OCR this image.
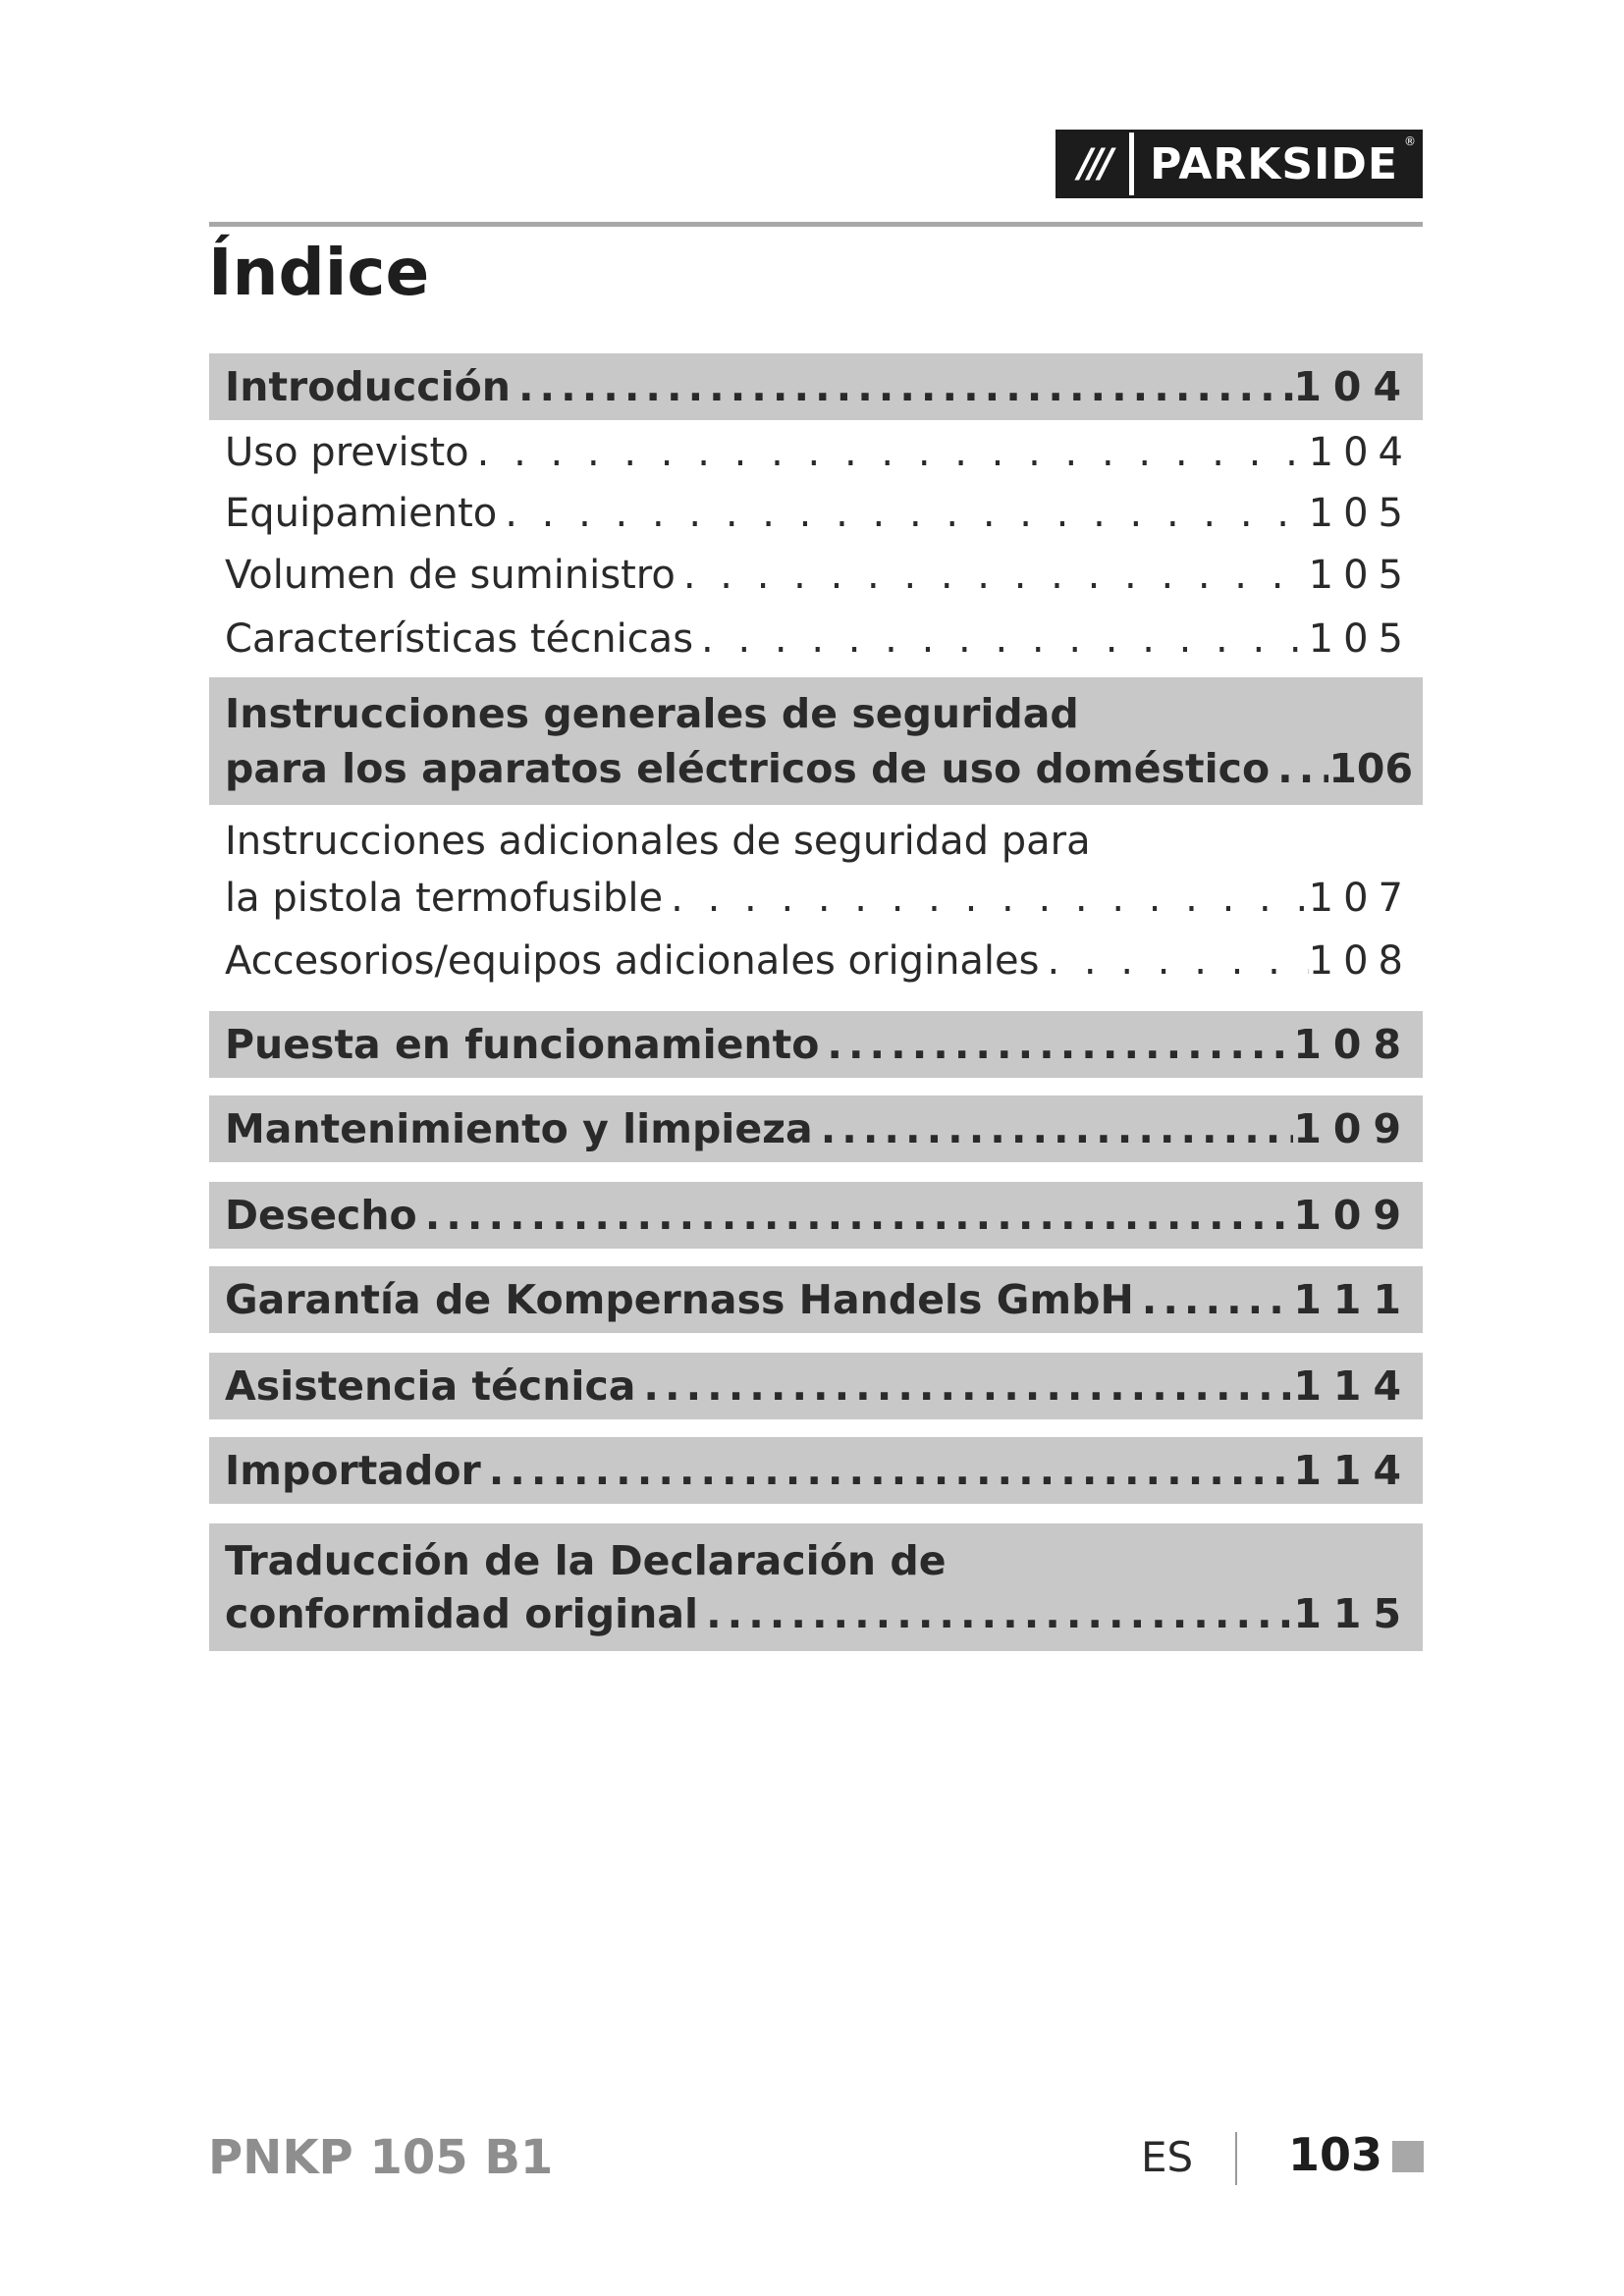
/// PARKSIDE ®
Índice
Introducción .....	104
Uso previsto . . .	104
Equipamiento . . .	105
Volumen de suministro . . .	105
Características técnicas . . .	105
Instrucciones generales de seguridad
para los aparatos eléctricos de uso doméstico ..... 106
Instrucciones adicionales de seguridad para
la pistola termofusible . . .	107
Accesorios/equipos adicionales originales . . .	108
Puesta en funcionamiento .....	108
Mantenimiento y limpieza .....	109
Desecho .....	109
Garantía de Kompernass Handels GmbH .....	111
Asistencia técnica .....	114
Importador .....	114
Traducción de la Declaración de
conformidad original .....	115
PNKP 105 B1	ES 103
